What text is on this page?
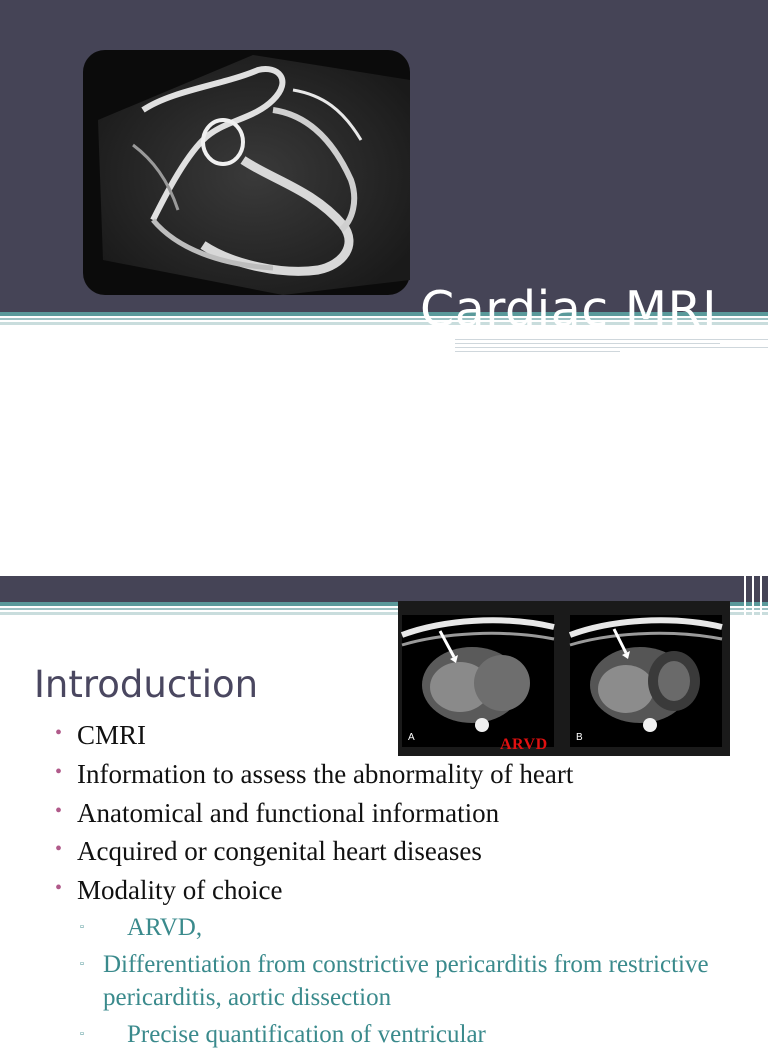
Cardiac MRI
A	B
ARVD
Introduction
• CMRI
• Information to assess the abnormality of heart
• Anatomical and functional information
• Acquired or congenital heart diseases
• Modality of choice
▫	ARVD,
▫ Differentiation from constrictive pericarditis from restrictive pericarditis, aortic dissection
▫	Precise quantification of ventricular
